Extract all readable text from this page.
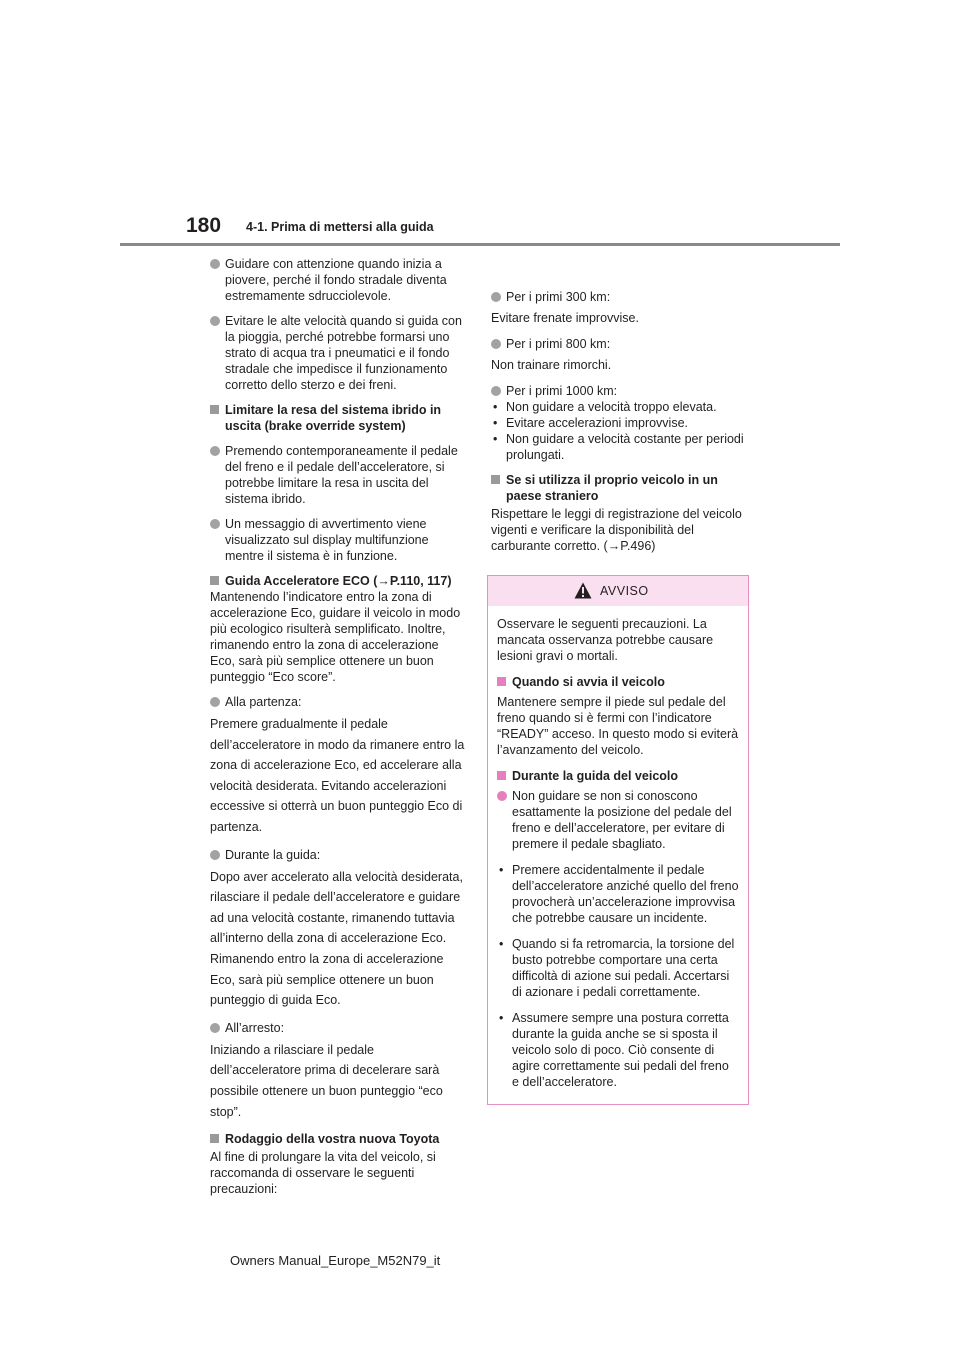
180 4-1. Prima di mettersi alla guida
Guidare con attenzione quando inizia a piovere, perché il fondo stradale diventa estremamente sdrucciolevole.
Evitare le alte velocità quando si guida con la pioggia, perché potrebbe formarsi uno strato di acqua tra i pneumatici e il fondo stradale che impedisce il funzionamento corretto dello sterzo e dei freni.
Limitare la resa del sistema ibrido in uscita (brake override system)
Premendo contemporaneamente il pedale del freno e il pedale dell’acceleratore, si potrebbe limitare la resa in uscita del sistema ibrido.
Un messaggio di avvertimento viene visualizzato sul display multifunzione mentre il sistema è in funzione.
Guida Acceleratore ECO (→P.110, 117)
Mantenendo l’indicatore entro la zona di accelerazione Eco, guidare il veicolo in modo più ecologico risulterà semplificato. Inoltre, rimanendo entro la zona di accelerazione Eco, sarà più semplice ottenere un buon punteggio “Eco score”.
Alla partenza:
Premere gradualmente il pedale dell’acceleratore in modo da rimanere entro la zona di accelerazione Eco, ed accelerare alla velocità desiderata. Evitando accelerazioni eccessive si otterrà un buon punteggio Eco di partenza.
Durante la guida:
Dopo aver accelerato alla velocità desiderata, rilasciare il pedale dell’acceleratore e guidare ad una velocità costante, rimanendo tuttavia all’interno della zona di accelerazione Eco. Rimanendo entro la zona di accelerazione Eco, sarà più semplice ottenere un buon punteggio di guida Eco.
All’arresto:
Iniziando a rilasciare il pedale dell’acceleratore prima di decelerare sarà possibile ottenere un buon punteggio “eco stop”.
Rodaggio della vostra nuova Toyota
Al fine di prolungare la vita del veicolo, si raccomanda di osservare le seguenti precauzioni:
Per i primi 300 km:
Evitare frenate improvvise.
Per i primi 800 km:
Non trainare rimorchi.
Per i primi 1000 km:
• Non guidare a velocità troppo elevata.
• Evitare accelerazioni improvvise.
• Non guidare a velocità costante per periodi prolungati.
Se si utilizza il proprio veicolo in un paese straniero
Rispettare le leggi di registrazione del veicolo vigenti e verificare la disponibilità del carburante corretto. (→P.496)
AVVISO
Osservare le seguenti precauzioni. La mancata osservanza potrebbe causare lesioni gravi o mortali.
Quando si avvia il veicolo
Mantenere sempre il piede sul pedale del freno quando si è fermi con l’indicatore “READY” acceso. In questo modo si eviterà l’avanzamento del veicolo.
Durante la guida del veicolo
Non guidare se non si conoscono esattamente la posizione del pedale del freno e dell’acceleratore, per evitare di premere il pedale sbagliato.
• Premere accidentalmente il pedale dell’acceleratore anziché quello del freno provocherà un’accelerazione improvvisa che potrebbe causare un incidente.
• Quando si fa retromarcia, la torsione del busto potrebbe comportare una certa difficoltà di azione sui pedali. Accertarsi di azionare i pedali correttamente.
• Assumere sempre una postura corretta durante la guida anche se si sposta il veicolo solo di poco. Ciò consente di agire correttamente sui pedali del freno e dell’acceleratore.
Owners Manual_Europe_M52N79_it
